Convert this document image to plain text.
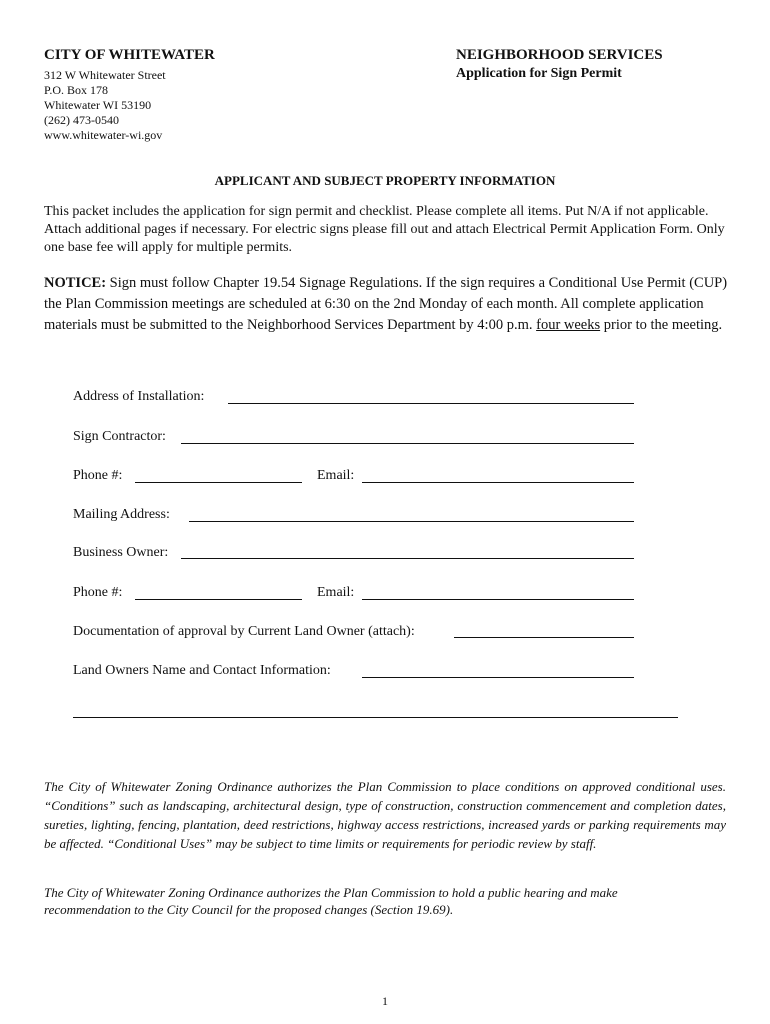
CITY OF WHITEWATER
312 W Whitewater Street
P.O. Box 178
Whitewater WI 53190
(262) 473-0540
www.whitewater-wi.gov
NEIGHBORHOOD SERVICES
Application for Sign Permit
APPLICANT AND SUBJECT PROPERTY INFORMATION
This packet includes the application for sign permit and checklist. Please complete all items. Put N/A if not applicable. Attach additional pages if necessary. For electric signs please fill out and attach Electrical Permit Application Form. Only one base fee will apply for multiple permits.
NOTICE: Sign must follow Chapter 19.54 Signage Regulations. If the sign requires a Conditional Use Permit (CUP) the Plan Commission meetings are scheduled at 6:30 on the 2nd Monday of each month. All complete application materials must be submitted to the Neighborhood Services Department by 4:00 p.m. four weeks prior to the meeting.
Address of Installation:
Sign Contractor:
Phone #:	Email:
Mailing Address:
Business Owner:
Phone #:	Email:
Documentation of approval by Current Land Owner (attach):
Land Owners Name and Contact Information:
The City of Whitewater Zoning Ordinance authorizes the Plan Commission to place conditions on approved conditional uses. “Conditions” such as landscaping, architectural design, type of construction, construction commencement and completion dates, sureties, lighting, fencing, plantation, deed restrictions, highway access restrictions, increased yards or parking requirements may be affected. “Conditional Uses” may be subject to time limits or requirements for periodic review by staff.
The City of Whitewater Zoning Ordinance authorizes the Plan Commission to hold a public hearing and make recommendation to the City Council for the proposed changes (Section 19.69).
1
